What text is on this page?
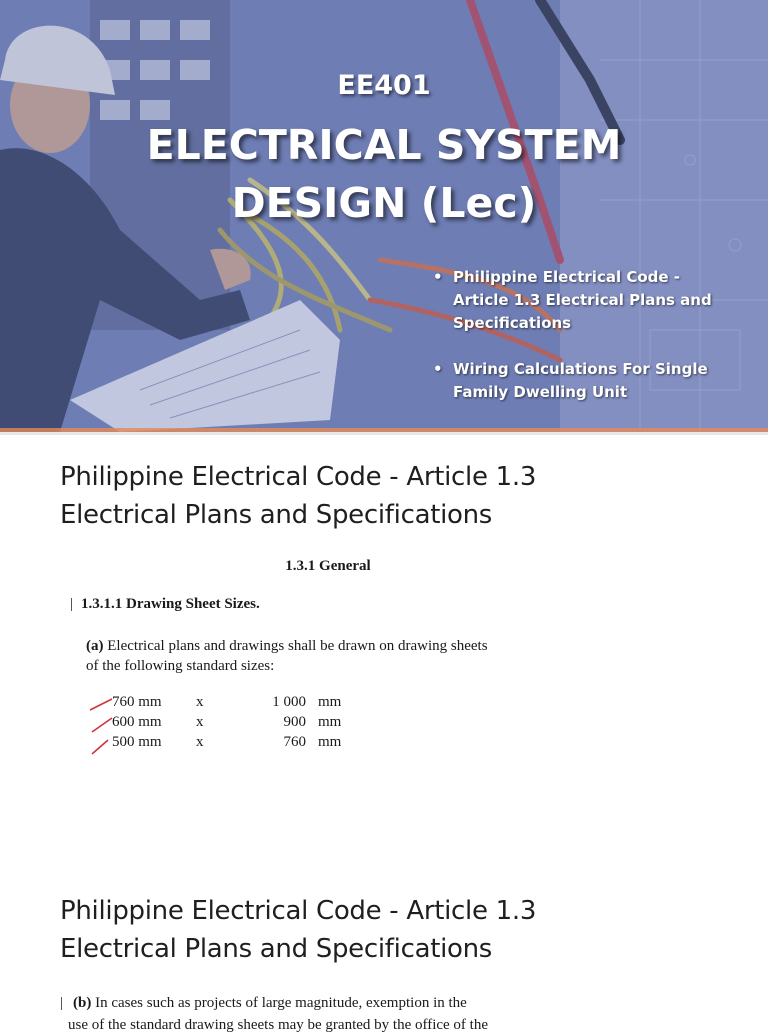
EE401
ELECTRICAL SYSTEM
DESIGN (Lec)
• Philippine Electrical Code -
Article 1.3 Electrical Plans and
Specifications
• Wiring Calculations For Single
Family Dwelling Unit
Philippine Electrical Code - Article 1.3
Electrical Plans and Specifications
1.3.1 General
| 1.3.1.1 Drawing Sheet Sizes.
(a) Electrical plans and drawings shall be drawn on drawing sheets
of the following standard sizes:
760 mm	x	1 000 mm
600 mm	x	900 mm
500 mm	x	760 mm
Philippine Electrical Code - Article 1.3
Electrical Plans and Specifications
| (b) In cases such as projects of large magnitude, exemption in the
use of the standard drawing sheets may be granted by the office of the
